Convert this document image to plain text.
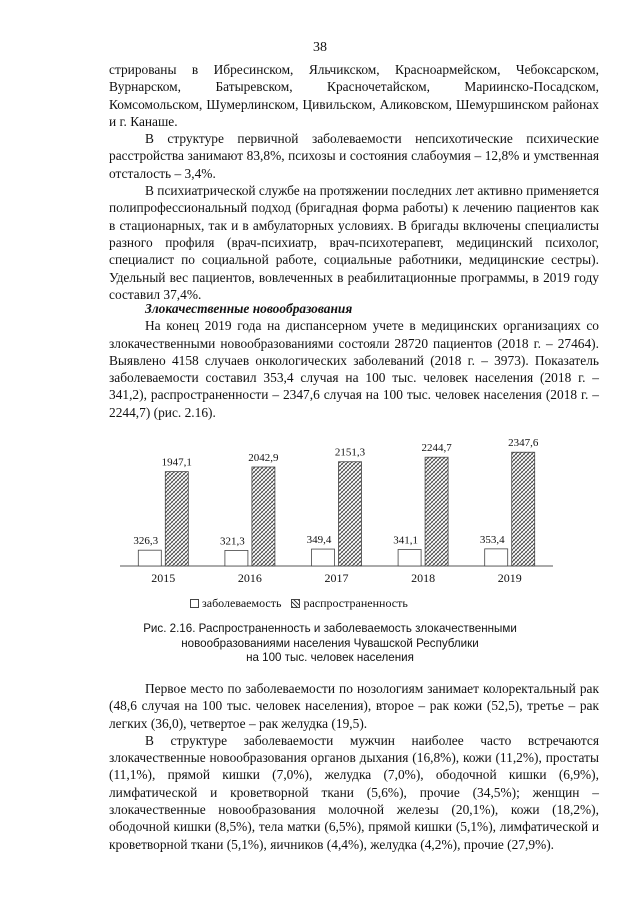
38

стрированы в Ибресинском, Яльчикском, Красноармейском, Чебоксарском, Вурнарском, Батыревском, Красночетайском, Мариинско-Посадском, Комсомольском, Шумерлинском, Цивильском, Аликовском, Шемуршинском районах и г. Канаше.

В структуре первичной заболеваемости непсихотические психические расстройства занимают 83,8%, психозы и состояния слабоумия – 12,8% и умственная отсталость – 3,4%.

В психиатрической службе на протяжении последних лет активно применяется полипрофессиональный подход (бригадная форма работы) к лечению пациентов как в стационарных, так и в амбулаторных условиях. В бригады включены специалисты разного профиля (врач-психиатр, врач-психотерапевт, медицинский психолог, специалист по социальной работе, социальные работники, медицинские сестры). Удельный вес пациентов, вовлеченных в реабилитационные программы, в 2019 году составил 37,4%.

Злокачественные новообразования

На конец 2019 года на диспансерном учете в медицинских организациях со злокачественными новообразованиями состояли 28720 пациентов (2018 г. – 27464). Выявлено 4158 случаев онкологических заболеваний (2018 г. – 3973). Показатель заболеваемости составил 353,4 случая на 100 тыс. человек населения (2018 г. – 341,2), распространенности – 2347,6 случая на 100 тыс. человек населения (2018 г. – 2244,7) (рис. 2.16).

326,3
1947,1
2015
321,3
2042,9
2016
349,4
2151,3
2017
341,1
2244,7
2018
353,4
2347,6
2019
заболеваемость распространенность
Рис. 2.16. Распространенность и заболеваемость злокачественными
новообразованиями населения Чувашской Республики
на 100 тыс. человек населения

Первое место по заболеваемости по нозологиям занимает колоректальный рак (48,6 случая на 100 тыс. человек населения), второе – рак кожи (52,5), третье – рак легких (36,0), четвертое – рак желудка (19,5).

В структуре заболеваемости мужчин наиболее часто встречаются злокачественные новообразования органов дыхания (16,8%), кожи (11,2%), простаты (11,1%), прямой кишки (7,0%), желудка (7,0%), ободочной кишки (6,9%), лимфатической и кроветворной ткани (5,6%), прочие (34,5%); женщин – злокачественные новообразования молочной железы (20,1%), кожи (18,2%), ободочной кишки (8,5%), тела матки (6,5%), прямой кишки (5,1%), лимфатической и кроветворной ткани (5,1%), яичников (4,4%), желудка (4,2%), прочие (27,9%).
